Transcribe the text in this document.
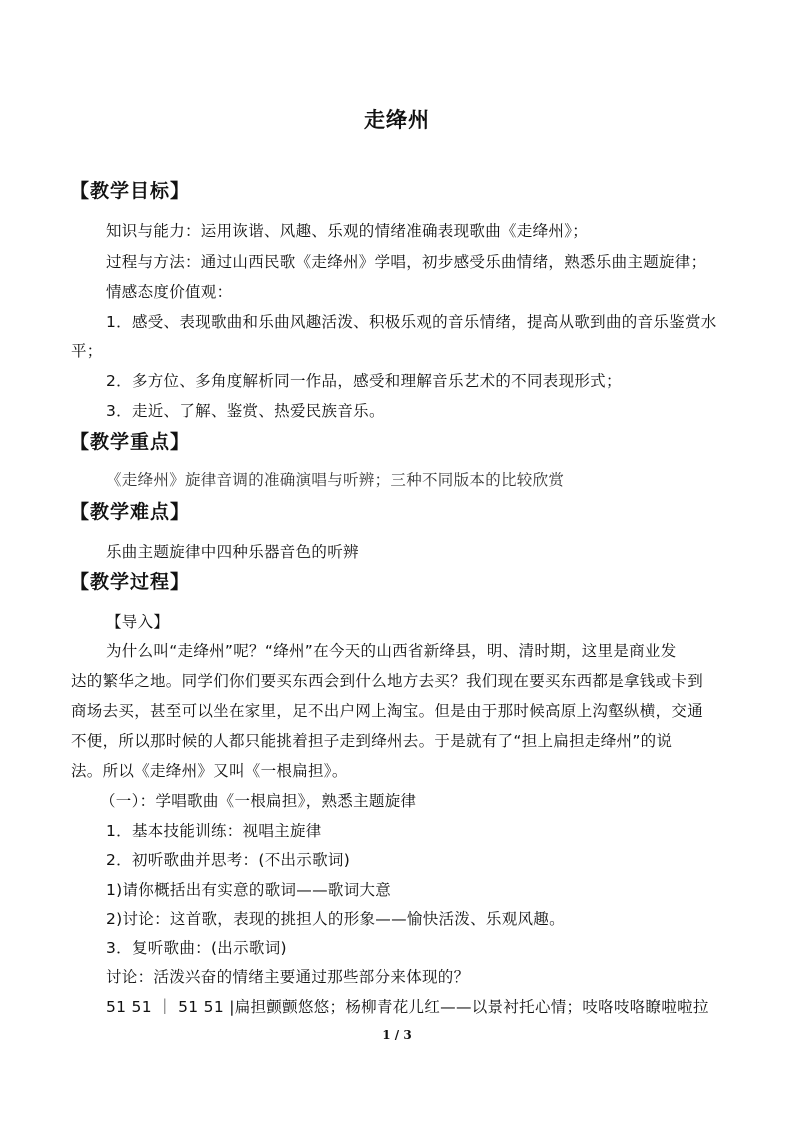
走绛州
【教学目标】
知识与能力：运用诙谐、风趣、乐观的情绪准确表现歌曲《走绛州》；
过程与方法：通过山西民歌《走绛州》学唱，初步感受乐曲情绪，熟悉乐曲主题旋律；
情感态度价值观：
1．感受、表现歌曲和乐曲风趣活泼、积极乐观的音乐情绪，提高从歌到曲的音乐鉴赏水
平；
2．多方位、多角度解析同一作品，感受和理解音乐艺术的不同表现形式；
3．走近、了解、鉴赏、热爱民族音乐。
【教学重点】
《走绛州》旋律音调的准确演唱与听辨；三种不同版本的比较欣赏
【教学难点】
乐曲主题旋律中四种乐器音色的听辨
【教学过程】
【导入】
为什么叫“走绛州”呢？“绛州”在今天的山西省新绛县，明、清时期，这里是商业发
达的繁华之地。同学们你们要买东西会到什么地方去买？我们现在要买东西都是拿钱或卡到
商场去买，甚至可以坐在家里，足不出户网上淘宝。但是由于那时候高原上沟壑纵横，交通
不便，所以那时候的人都只能挑着担子走到绛州去。于是就有了“担上扁担走绛州”的说
法。所以《走绛州》又叫《一根扁担》。
（一）：学唱歌曲《一根扁担》，熟悉主题旋律
1．基本技能训练：视唱主旋律
2．初听歌曲并思考：(不出示歌词)
1)请你概括出有实意的歌词——歌词大意
2)讨论：这首歌，表现的挑担人的形象——愉快活泼、乐观风趣。
3．复听歌曲：(出示歌词)
讨论：活泼兴奋的情绪主要通过那些部分来体现的？
51 51 ｜ 51 51 |扁担颤颤悠悠；杨柳青花儿红——以景衬托心情；吱咯吱咯瞭啦啦拉
1 / 3
